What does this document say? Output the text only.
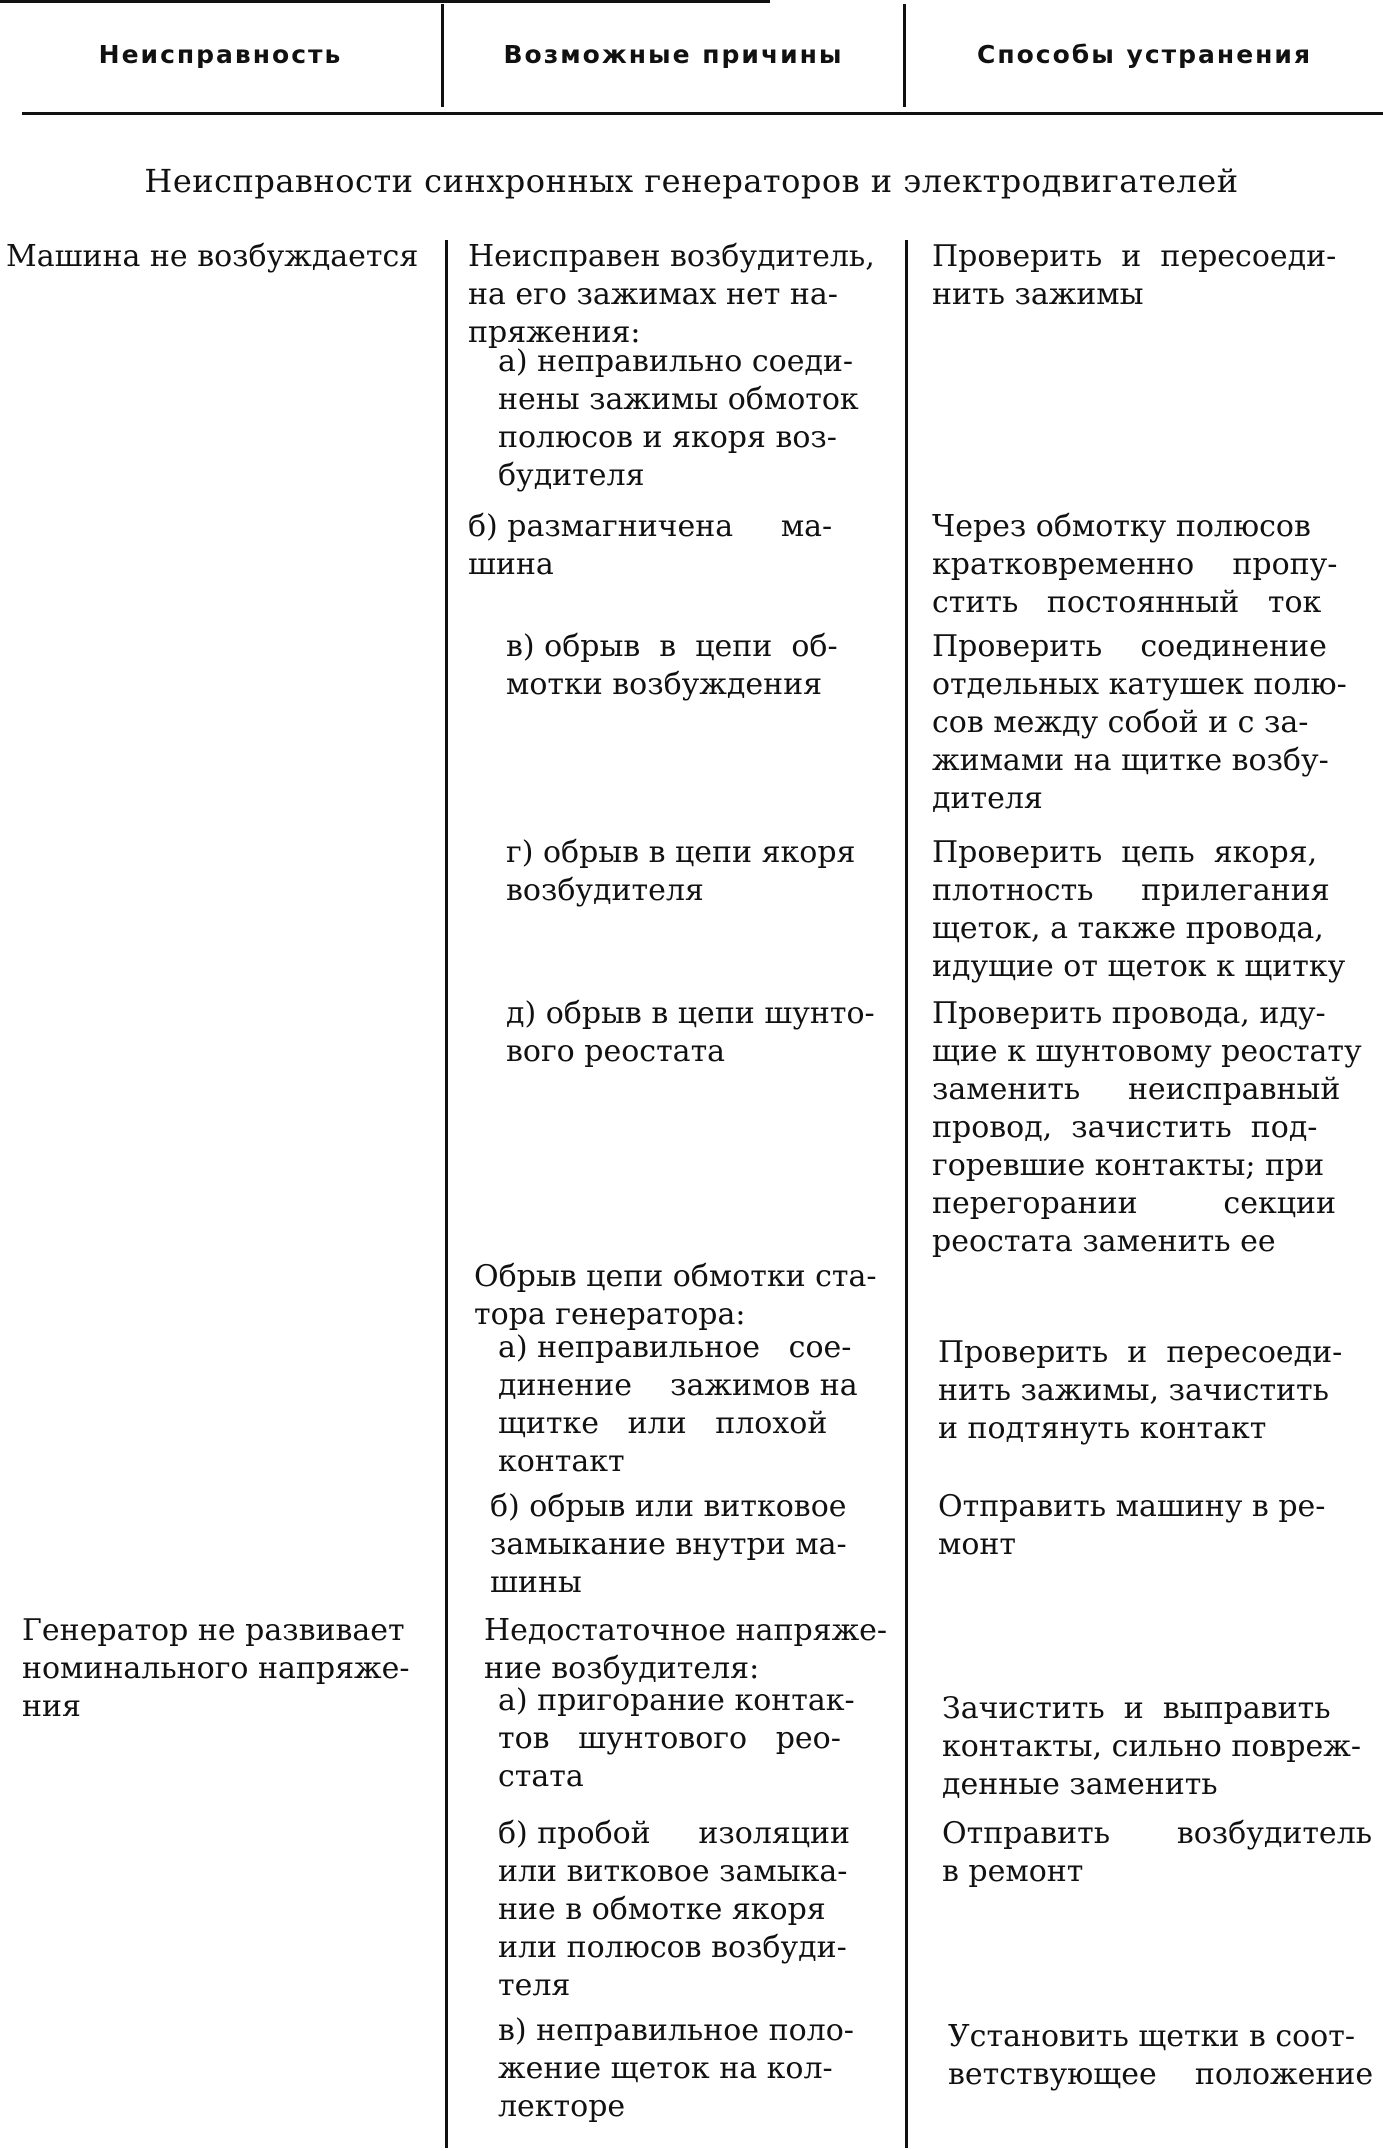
Неисправность	Возможные причины	Способы устранения
Неисправности синхронных генераторов и электродвигателей
Машина не возбуждается Неисправен возбудитель,
на его зажимах нет на-
пряжения:
а) неправильно соеди-
нены зажимы обмоток
полюсов и якоря воз-
будителя
Проверить  и  пересоеди-
нить зажимы
б) размагничена     ма-
шина
Через обмотку полюсов
кратковременно    пропу-
стить   постоянный   ток
в) обрыв  в  цепи  об-
мотки возбуждения
Проверить    соединение
отдельных катушек полю-
сов между собой и с за-
жимами на щитке возбу-
дителя
г) обрыв в цепи якоря
возбудителя
Проверить  цепь  якоря,
плотность     прилегания
щеток, а также провода,
идущие от щеток к щитку
д) обрыв в цепи шунто-
вого реостата
Проверить провода, иду-
щие к шунтовому реостату
заменить     неисправный
провод,  зачистить  под-
горевшие контакты; при
перегорании         секции
реостата заменить ее
Обрыв цепи обмотки ста-
тора генератора:
а) неправильное   сое-
динение    зажимов на
щитке   или   плохой
контакт
Проверить  и  пересоеди-
нить зажимы, зачистить
и подтянуть контакт
б) обрыв или витковое
замыкание внутри ма-
шины
Отправить машину в ре-
монт
Генератор не развивает
номинального напряже-
ния
Недостаточное напряже-
ние возбудителя:
а) пригорание контак-
тов   шунтового   рео-
стата
Зачистить  и  выправить
контакты, сильно повреж-
денные заменить
б) пробой     изоляции
или витковое замыка-
ние в обмотке якоря
или полюсов возбуди-
теля
Отправить       возбудитель
в ремонт
в) неправильное поло-
жение щеток на кол-
лекторе
Установить щетки в соот-
ветствующее    положение
